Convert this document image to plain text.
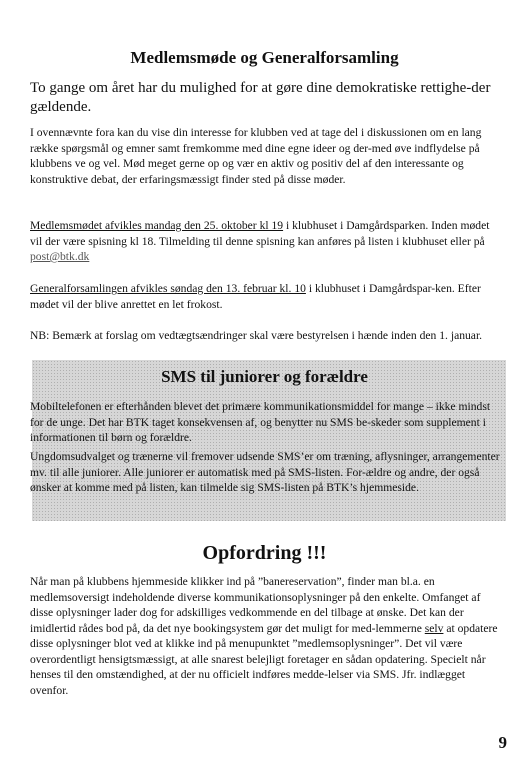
Medlemsmøde og Generalforsamling

To gange om året har du mulighed for at gøre dine demokratiske rettighe-der gældende.

I ovennævnte fora kan du vise din interesse for klubben ved at tage del i diskussionen om en lang række spørgsmål og emner samt fremkomme med dine egne ideer og der-med øve indflydelse på klubbens ve og vel. Mød meget gerne op og vær en aktiv og positiv del af den interessante og konstruktive debat, der erfaringsmæssigt finder sted på disse møder.

Medlemsmødet afvikles mandag den 25. oktober kl 19 i klubhuset i Damgårdsparken. Inden mødet vil der være spisning kl 18. Tilmelding til denne spisning kan anføres på listen i klubhuset eller på post@btk.dk

Generalforsamlingen afvikles søndag den 13. februar kl. 10 i klubhuset i Damgårdspar-ken. Efter mødet vil der blive anrettet en let frokost.

NB: Bemærk at forslag om vedtægtsændringer skal være bestyrelsen i hænde inden den 1. januar.

SMS til juniorer og forældre

Mobiltelefonen er efterhånden blevet det primære kommunikationsmiddel for mange – ikke mindst for de unge. Det har BTK taget konsekvensen af, og benytter nu SMS be-skeder som supplement i informationen til børn og forældre.

Ungdomsudvalget og trænerne vil fremover udsende SMS’er om træning, aflysninger, arrangementer mv. til alle juniorer. Alle juniorer er automatisk med på SMS-listen. For-ældre og andre, der også ønsker at komme med på listen, kan tilmelde sig SMS-listen på BTK’s hjemmeside.

Opfordring !!!

Når man på klubbens hjemmeside klikker ind på ”banereservation”, finder man bl.a. en medlemsoversigt indeholdende diverse kommunikationsoplysninger på den enkelte. Omfanget af disse oplysninger lader dog for adskilliges vedkommende en del tilbage at ønske. Det kan der imidlertid rådes bod på, da det nye bookingsystem gør det muligt for med-lemmerne selv at opdatere disse oplysninger blot ved at klikke ind på menupunktet ”medlemsoplysninger”. Det vil være overordentligt hensigtsmæssigt, at alle snarest belejligt foretager en sådan opdatering. Specielt når henses til den omstændighed, at der nu officielt indføres medde-lelser via SMS. Jfr. indlægget ovenfor.

9
